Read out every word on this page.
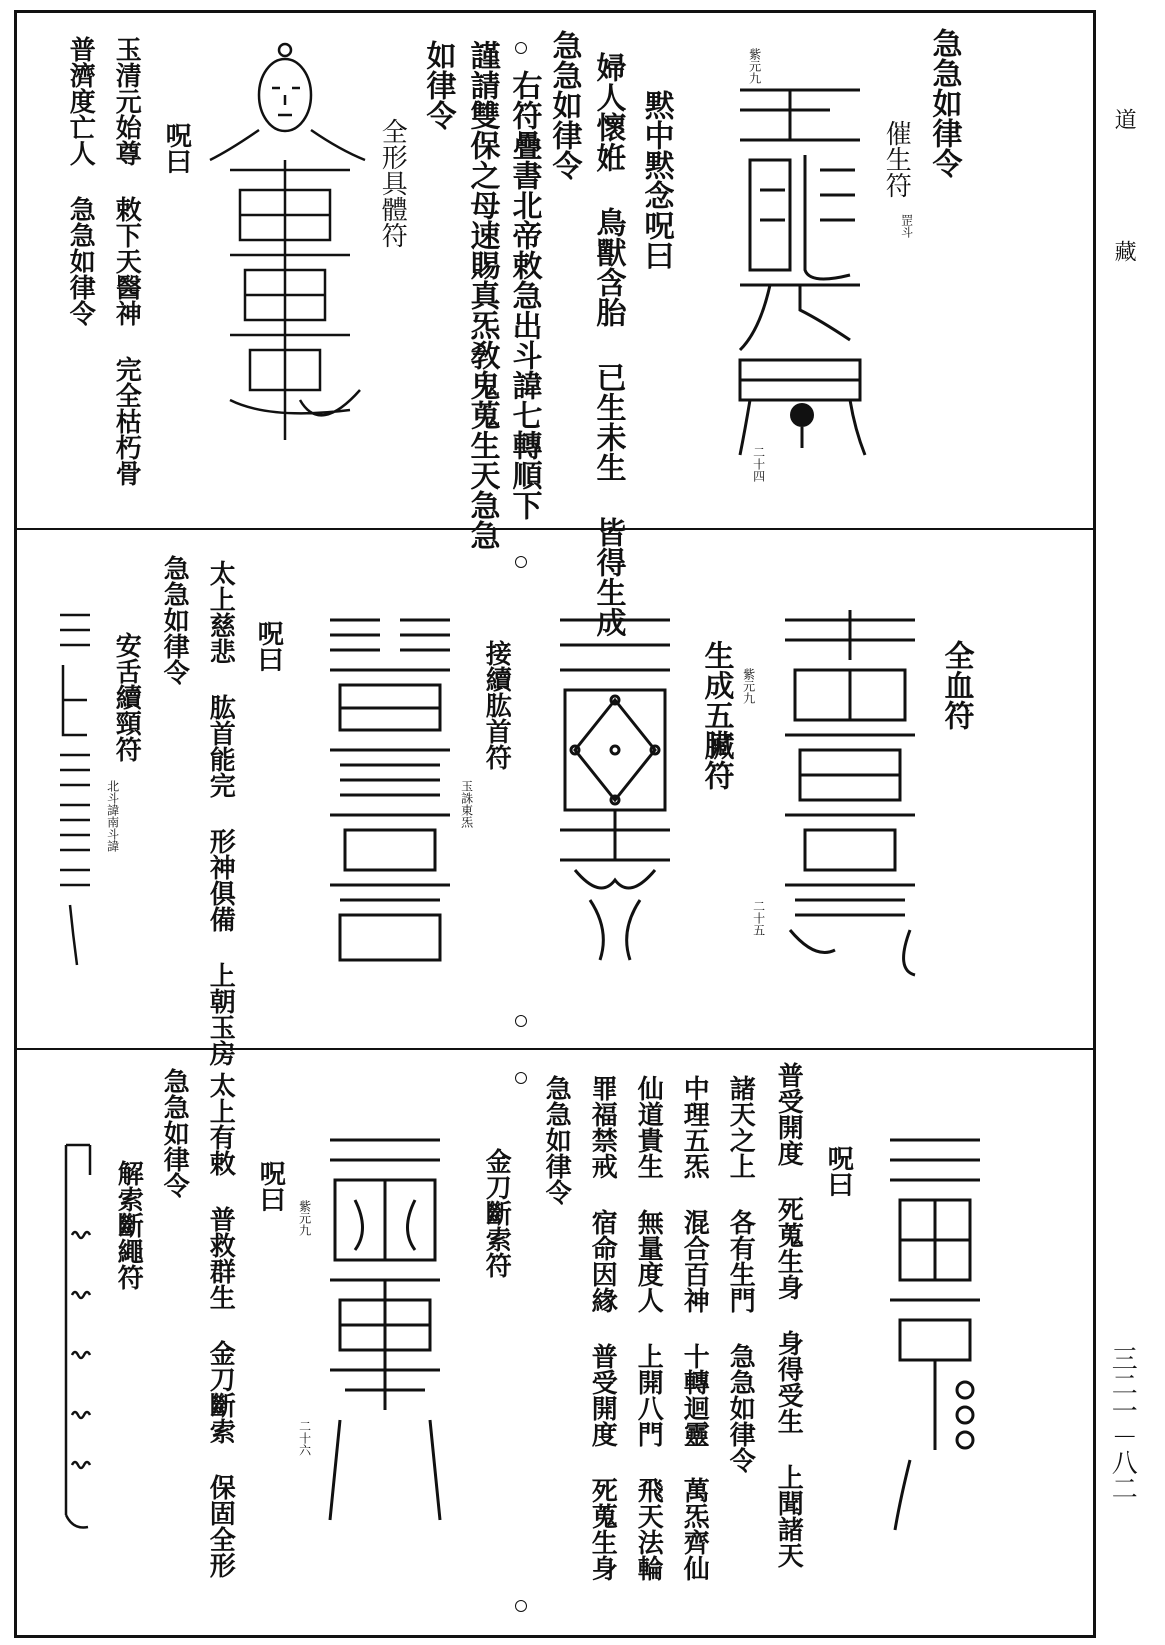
道
藏
三二一－八二
急急如律令
催生符
罡斗
紫元九
二十四
黙中黙念呪曰
婦人懷姙 鳥獸含胎 已生未生 皆得生成
急急如律令
右符疊書北帝敕急出斗諱七轉順下
謹請雙保之母速賜真炁敎鬼蒐生天急急
如律令
全形具體符
呪曰
玉清元始尊 敕下天醫神 完全枯朽骨
普濟度亡人 急急如律令
全血符
二十五
紫元九
生成五臟符
接續肱首符
玉誅東炁
呪曰
太上慈悲 肱首能完 形神俱備 上朝玉房
急急如律令
安舌續頸符
北斗諱南斗諱
呪曰
普受開度 死蒐生身 身得受生 上聞諸天
諸天之上 各有生門 急急如律令
中理五炁 混合百神 十轉迴靈 萬炁齊仙
仙道貴生 無量度人 上開八門 飛天法輪
罪福禁戒 宿命因緣 普受開度 死蒐生身
急急如律令
金刀斷索符
紫元九
二十六
呪曰
太上有敕 普救群生 金刀斷索 保固全形
急急如律令
解索斷繩符
